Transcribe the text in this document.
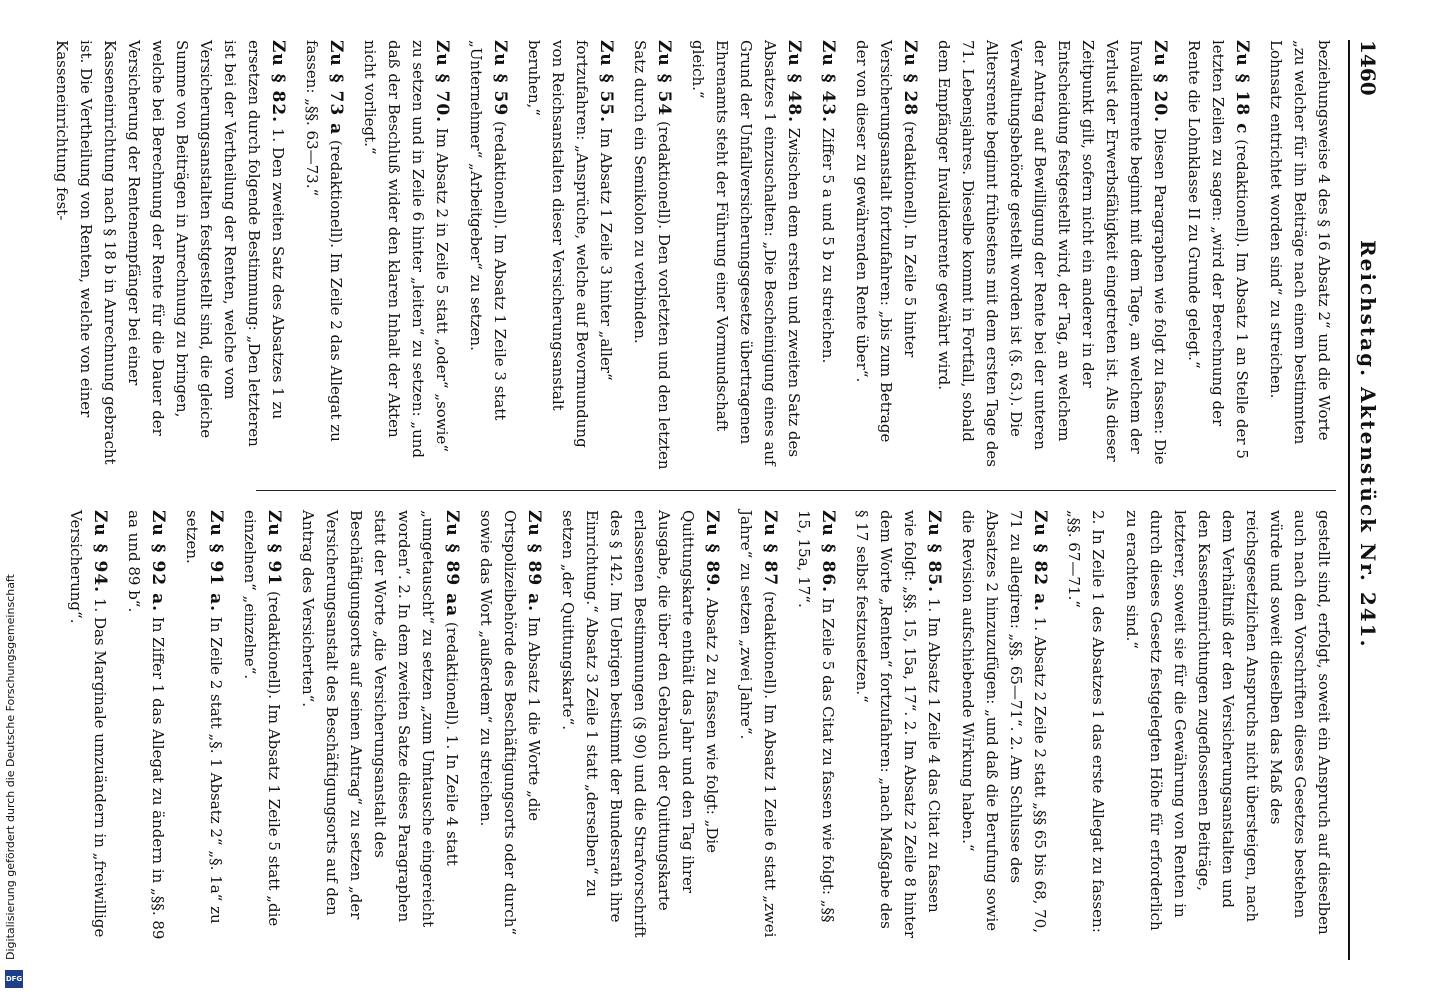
1460
Reichstag. Aktenstück Nr. 241.
beziehungsweise 4 des § 16 Absatz 2“ und die Worte „zu welcher für ihn Beiträge nach einem bestimmten Lohnsatz entrichtet worden sind“ zu streichen.
Zu § 18 c (redaktionell). Im Absatz 1 an Stelle der 5 letzten Zeilen zu sagen: „wird der Berechnung der Rente die Lohnklasse II zu Grunde gelegt.“
Zu § 20. Diesen Paragraphen wie folgt zu fassen: Die Invalidenrente beginnt mit dem Tage, an welchem der Verlust der Erwerbsfähigkeit eingetreten ist. Als dieser Zeitpunkt gilt, sofern nicht ein anderer in der Entscheidung festgestellt wird, der Tag, an welchem der Antrag auf Bewilligung der Rente bei der unteren Verwaltungsbehörde gestellt worden ist (§. 63.). Die Altersrente beginnt frühestens mit dem ersten Tage des 71. Lebensjahres. Dieselbe kommt in Fortfall, sobald dem Empfänger Invalidenrente gewährt wird.
Zu § 28 (redaktionell). In Zeile 5 hinter Versicherungsanstalt fortzufahren: „bis zum Betrage der von dieser zu gewährenden Rente über“.
Zu § 43. Ziffer 5 a und 5 b zu streichen.
Zu § 48. Zwischen dem ersten und zweiten Satz des Absatzes 1 einzuschalten: „Die Bescheinigung eines auf Grund der Unfallversicherungsgesetze übertragenen Ehrenamts steht der Führung einer Vormundschaft gleich.“
Zu § 54 (redaktionell). Den vorletzten und den letzten Satz durch ein Semikolon zu verbinden.
Zu § 55. Im Absatz 1 Zeile 3 hinter „aller“ fortzufahren: „Ansprüche, welche auf Bevormundung von Reichsanstalten dieser Versicherungsanstalt beruhen,“
Zu § 59 (redaktionell). Im Absatz 1 Zeile 3 statt „Unternehmer“ „Arbeitgeber“ zu setzen.
Zu § 70. Im Absatz 2 in Zeile 5 statt „oder“ „sowie“ zu setzen und in Zeile 6 hinter „leiten“ zu setzen: „und daß der Beschluß wider den klaren Inhalt der Akten nicht vorliegt.“
Zu § 73 a (redaktionell). Im Zeile 2 das Allegat zu fassen: „§§. 63—73.“
Zu § 82. 1. Den zweiten Satz des Absatzes 1 zu ersetzen durch folgende Bestimmung: „Den letzteren ist bei der Vertheilung der Renten, welche vom Versicherungsanstalten festgestellt sind, die gleiche Summe von Beiträgen in Anrechnung zu bringen, welche bei Berechnung der Rente für die Dauer der Versicherung der Rentenempfänger bei einer Kasseneinrichtung nach § 18 b in Anrechnung gebracht ist. Die Vertheilung von Renten, welche von einer Kasseneinrichtung fest-
gestellt sind, erfolgt, soweit ein Anspruch auf dieselben auch nach den Vorschriften dieses Gesetzes bestehen würde und soweit dieselben das Maß des reichsgesetzlichen Anspruchs nicht übersteigen, nach dem Verhältniß der den Versicherungsanstalten und den Kasseneinrichtungen zugeflossenen Beiträge, letzterer, soweit sie für die Gewährung von Renten in durch dieses Gesetz festgelegten Höhe für erforderlich zu erachten sind.“
2. In Zeile 1 des Absatzes 1 das erste Allegat zu fassen: „§§. 67—71.“
Zu § 82 a. 1. Absatz 2 Zeile 2 statt „§§ 65 bis 68, 70, 71 zu allegiren: „§§. 65—71“. 2. Am Schlusse des Absatzes 2 hinzuzufügen: „und daß die Berufung sowie die Revision aufschiebende Wirkung haben.“
Zu § 85. 1. Im Absatz 1 Zeile 4 das Citat zu fassen wie folgt: „§§. 15, 15a, 17“. 2. Im Absatz 2 Zeile 8 hinter dem Worte „Renten“ fortzufahren: „nach Maßgabe des § 17 selbst festzusetzen.“
Zu § 86. In Zeile 5 das Citat zu fassen wie folgt: „§§ 15, 15a, 17“.
Zu § 87 (redaktionell). Im Absatz 1 Zeile 6 statt „zwei Jahre“ zu setzen „zwei Jahre“.
Zu § 89. Absatz 2 zu fassen wie folgt: „Die Quittungskarte enthält das Jahr und den Tag ihrer Ausgabe, die über den Gebrauch der Quittungskarte erlassenen Bestimmungen (§ 90) und die Strafvorschrift des § 142. Im Uebrigen bestimmt der Bundesrath ihre Einrichtung.“ Absatz 3 Zeile 1 statt „derselben“ zu setzen „der Quittungskarte“.
Zu § 89 a. Im Absatz 1 die Worte „die Ortspolizeibehörde des Beschäftigungsorts oder durch“ sowie das Wort „außerdem“ zu streichen.
Zu § 89 aa (redaktionell). 1. In Zeile 4 statt „umgetauscht“ zu setzen „zum Umtausche eingereicht worden“. 2. In dem zweiten Satze dieses Paragraphen statt der Worte „die Versicherungsanstalt des Beschäftigungsorts auf seinen Antrag“ zu setzen „der Versicherungsanstalt des Beschäftigungsorts auf den Antrag des Versicherten“.
Zu § 91 (redaktionell). Im Absatz 1 Zeile 5 statt „die einzelnen“ „einzelne“.
Zu § 91 a. In Zeile 2 statt „§. 1 Absatz 2“ „§. 1a“ zu setzen.
Zu § 92 a. In Ziffer 1 das Allegat zu ändern in „§§. 89 aa und 89 b“.
Zu § 94. 1. Das Marginale umzuändern in „freiwillige Versicherung“.
Digitalisierung gefördert durch die Deutsche Forschungsgemeinschaft
DFG
